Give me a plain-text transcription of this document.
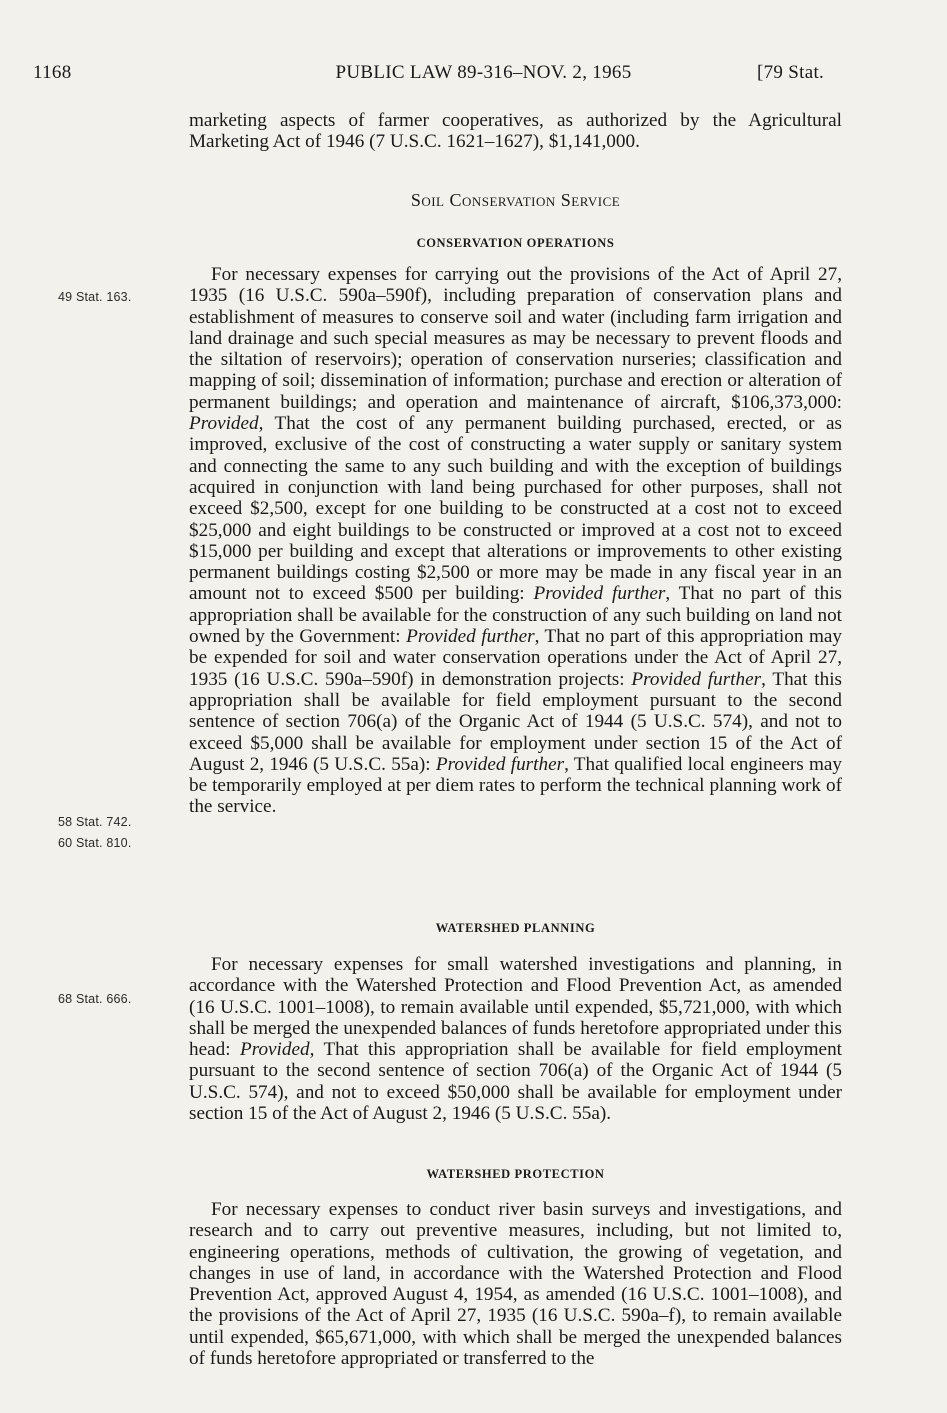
1168	PUBLIC LAW 89-316–NOV. 2, 1965	[79 Stat.
49 Stat. 163.
58 Stat. 742.
60 Stat. 810.
68 Stat. 666.

marketing aspects of farmer cooperatives, as authorized by the Agricultural Marketing Act of 1946 (7 U.S.C. 1621–1627), $1,141,000.

Soil Conservation Service
CONSERVATION OPERATIONS

For necessary expenses for carrying out the provisions of the Act of April 27, 1935 (16 U.S.C. 590a–590f), including preparation of conservation plans and establishment of measures to conserve soil and water (including farm irrigation and land drainage and such special measures as may be necessary to prevent floods and the siltation of reservoirs); operation of conservation nurseries; classification and mapping of soil; dissemination of information; purchase and erection or alteration of permanent buildings; and operation and maintenance of aircraft, $106,373,000: Provided, That the cost of any permanent building purchased, erected, or as improved, exclusive of the cost of constructing a water supply or sanitary system and connecting the same to any such building and with the exception of buildings acquired in conjunction with land being purchased for other purposes, shall not exceed $2,500, except for one building to be constructed at a cost not to exceed $25,000 and eight buildings to be constructed or improved at a cost not to exceed $15,000 per building and except that alterations or improvements to other existing permanent buildings costing $2,500 or more may be made in any fiscal year in an amount not to exceed $500 per building: Provided further, That no part of this appropriation shall be available for the construction of any such building on land not owned by the Government: Provided further, That no part of this appropriation may be expended for soil and water conservation operations under the Act of April 27, 1935 (16 U.S.C. 590a–590f) in demonstration projects: Provided further, That this appropriation shall be available for field employment pursuant to the second sentence of section 706(a) of the Organic Act of 1944 (5 U.S.C. 574), and not to exceed $5,000 shall be available for employment under section 15 of the Act of August 2, 1946 (5 U.S.C. 55a): Provided further, That qualified local engineers may be temporarily employed at per diem rates to perform the technical planning work of the service.

WATERSHED PLANNING

For necessary expenses for small watershed investigations and planning, in accordance with the Watershed Protection and Flood Prevention Act, as amended (16 U.S.C. 1001–1008), to remain available until expended, $5,721,000, with which shall be merged the unexpended balances of funds heretofore appropriated under this head: Provided, That this appropriation shall be available for field employment pursuant to the second sentence of section 706(a) of the Organic Act of 1944 (5 U.S.C. 574), and not to exceed $50,000 shall be available for employment under section 15 of the Act of August 2, 1946 (5 U.S.C. 55a).

WATERSHED PROTECTION

For necessary expenses to conduct river basin surveys and investigations, and research and to carry out preventive measures, including, but not limited to, engineering operations, methods of cultivation, the growing of vegetation, and changes in use of land, in accordance with the Watershed Protection and Flood Prevention Act, approved August 4, 1954, as amended (16 U.S.C. 1001–1008), and the provisions of the Act of April 27, 1935 (16 U.S.C. 590a–f), to remain available until expended, $65,671,000, with which shall be merged the unexpended balances of funds heretofore appropriated or transferred to the
